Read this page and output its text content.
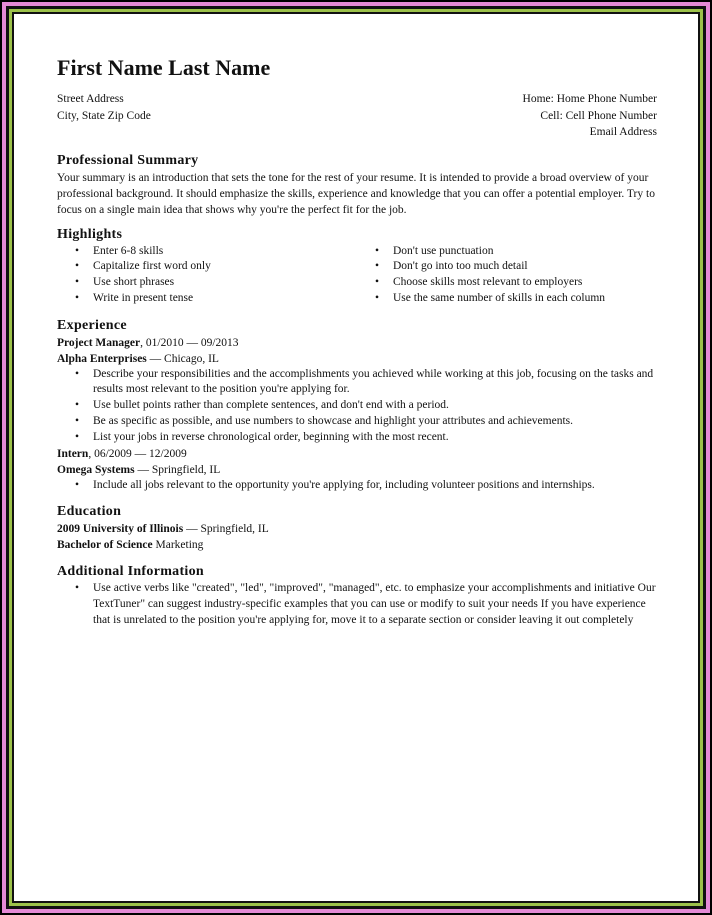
First Name Last Name
Street Address
City, State Zip Code
Home: Home Phone Number
Cell: Cell Phone Number
Email Address
Professional Summary

Your summary is an introduction that sets the tone for the rest of your resume. It is intended to provide a broad overview of your professional background. It should emphasize the skills, experience and knowledge that you can offer a potential employer. Try to focus on a single main idea that shows why you're the perfect fit for the job.

Highlights
• Enter 6-8 skills
• Capitalize first word only
• Use short phrases
• Write in present tense
• Don't use punctuation
• Don't go into too much detail
• Choose skills most relevant to employers
• Use the same number of skills in each column
Experience
Project Manager, 01/2010 — 09/2013
Alpha Enterprises — Chicago, IL
• Describe your responsibilities and the accomplishments you achieved while working at this job, focusing on the tasks and results most relevant to the position you're applying for.
• Use bullet points rather than complete sentences, and don't end with a period.
• Be as specific as possible, and use numbers to showcase and highlight your attributes and achievements.
• List your jobs in reverse chronological order, beginning with the most recent.
Intern, 06/2009 — 12/2009
Omega Systems — Springfield, IL
• Include all jobs relevant to the opportunity you're applying for, including volunteer positions and internships.
Education
2009 University of Illinois — Springfield, IL
Bachelor of Science Marketing
Additional Information
• Use active verbs like "created", "led", "improved", "managed", etc. to emphasize your accomplishments and initiative Our TextTuner" can suggest industry-specific examples that you can use or modify to suit your needs If you have experience that is unrelated to the position you're applying for, move it to a separate section or consider leaving it out completely
